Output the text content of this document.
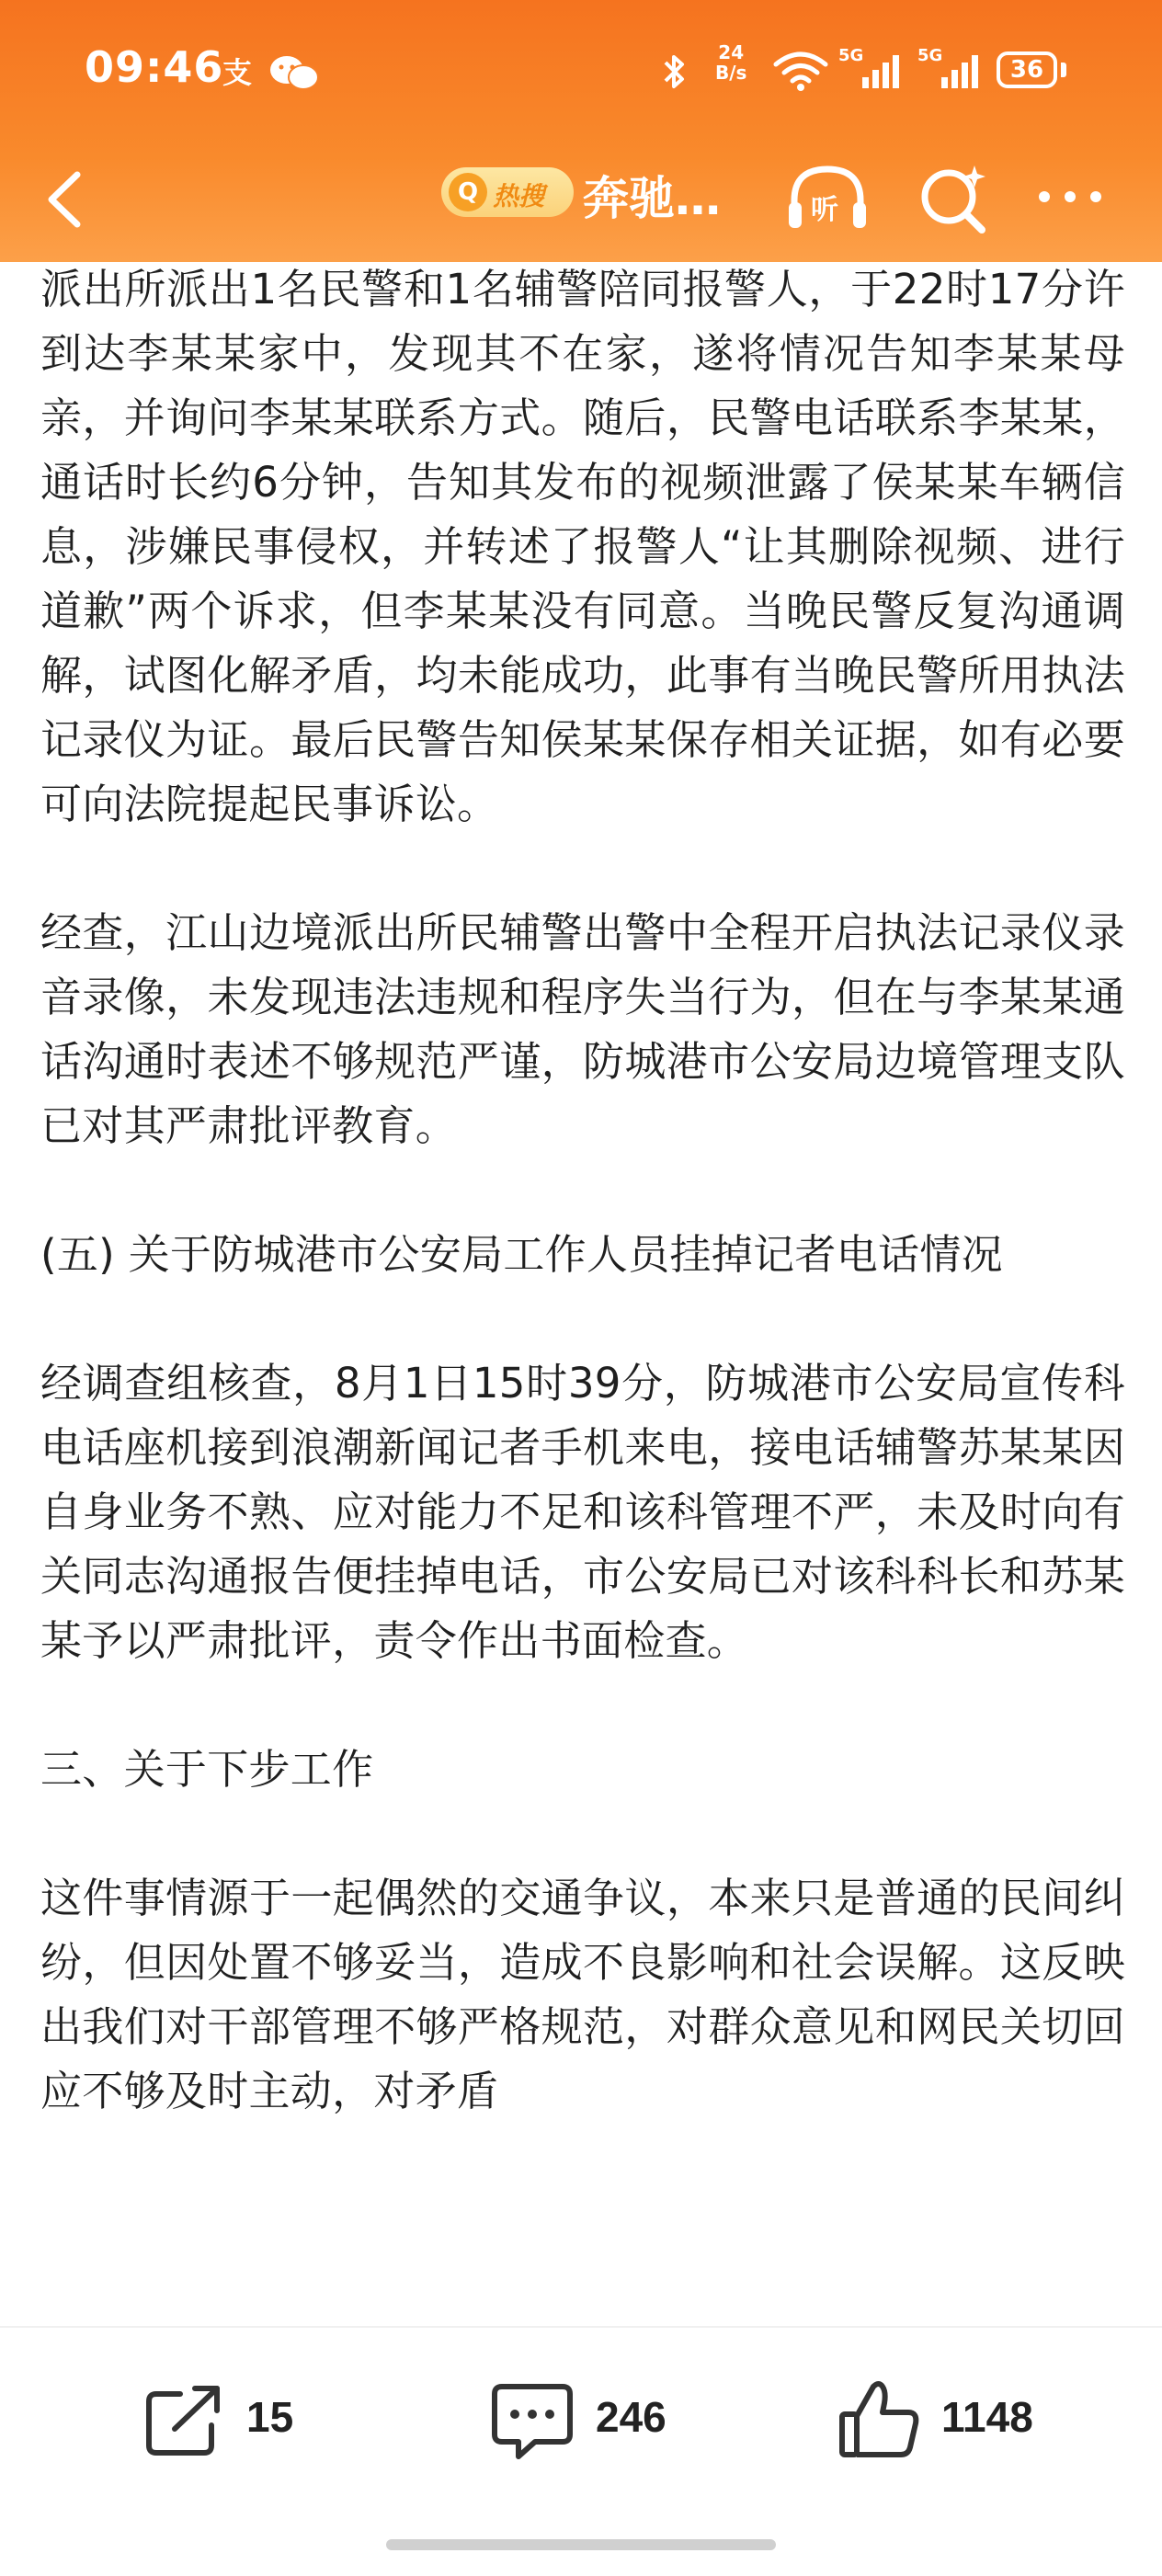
09:46
支
24
B/s
5G	5G
36
Q 热搜 奔驰…	听

派出所派出1名民警和1名辅警陪同报警人，于22时17分许到达李某某家中，发现其不在家，遂将情况告知李某某母亲，并询问李某某联系方式。随后，民警电话联系李某某，通话时长约6分钟，告知其发布的视频泄露了侯某某车辆信息，涉嫌民事侵权，并转述了报警人“让其删除视频、进行道歉”两个诉求，但李某某没有同意。当晚民警反复沟通调解，试图化解矛盾，均未能成功，此事有当晚民警所用执法记录仪为证。最后民警告知侯某某保存相关证据，如有必要可向法院提起民事诉讼。

经查，江山边境派出所民辅警出警中全程开启执法记录仪录音录像，未发现违法违规和程序失当行为，但在与李某某通话沟通时表述不够规范严谨，防城港市公安局边境管理支队已对其严肃批评教育。

(五) 关于防城港市公安局工作人员挂掉记者电话情况

经调查组核查，8月1日15时39分，防城港市公安局宣传科电话座机接到浪潮新闻记者手机来电，接电话辅警苏某某因自身业务不熟、应对能力不足和该科管理不严，未及时向有关同志沟通报告便挂掉电话，市公安局已对该科科长和苏某某予以严肃批评，责令作出书面检查。

三、关于下步工作

这件事情源于一起偶然的交通争议，本来只是普通的民间纠纷，但因处置不够妥当，造成不良影响和社会误解。这反映出我们对干部管理不够严格规范，对群众意见和网民关切回应不够及时主动，对矛盾

15	246	1148
